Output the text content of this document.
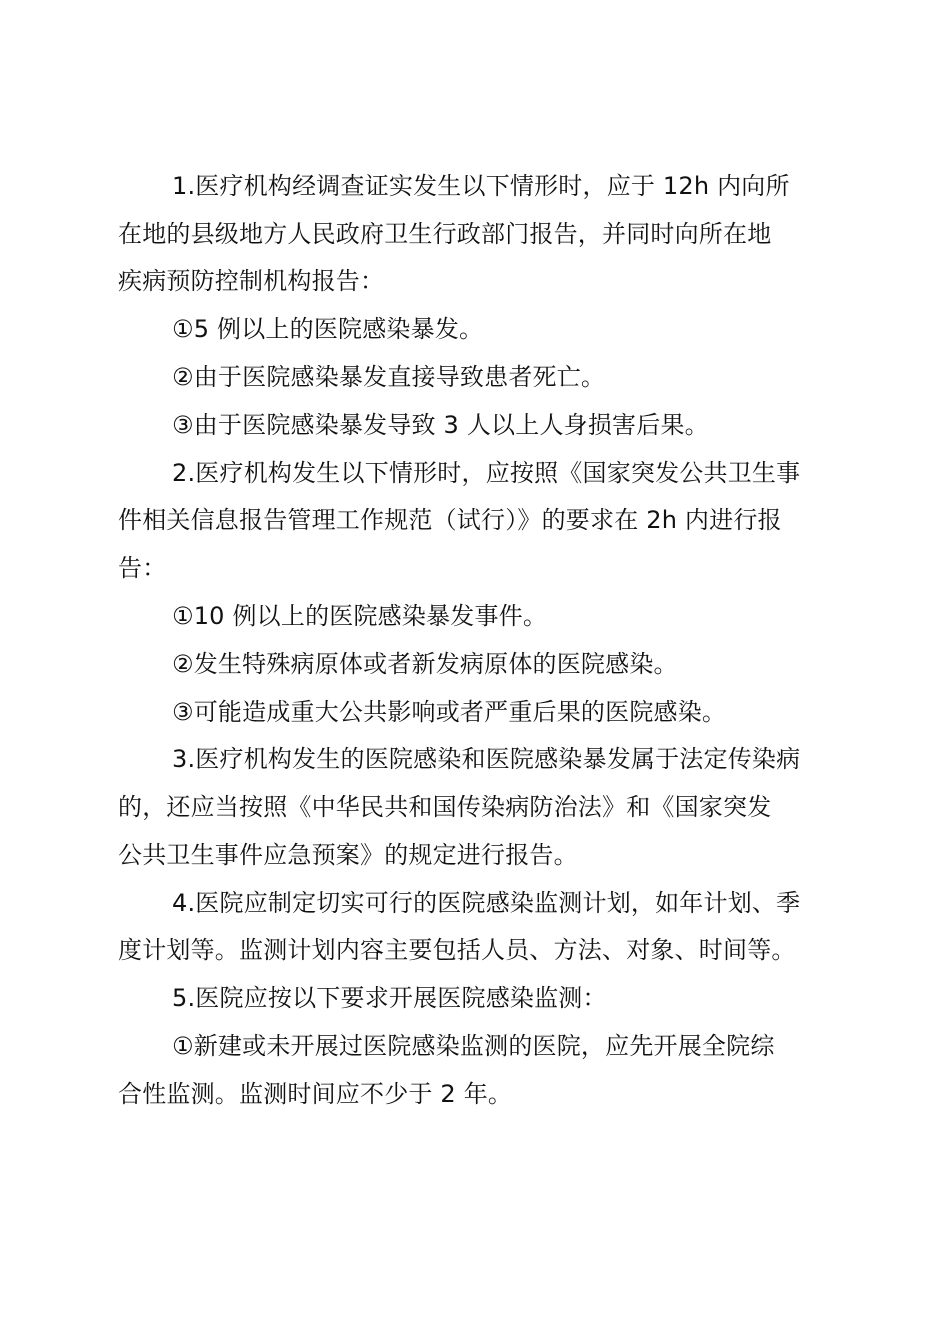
1.医疗机构经调查证实发生以下情形时，应于 12h 内向所
在地的县级地方人民政府卫生行政部门报告，并同时向所在地
疾病预防控制机构报告：
①5 例以上的医院感染暴发。
②由于医院感染暴发直接导致患者死亡。
③由于医院感染暴发导致 3 人以上人身损害后果。
2.医疗机构发生以下情形时，应按照《国家突发公共卫生事
件相关信息报告管理工作规范（试行）》的要求在 2h 内进行报
告：
①10 例以上的医院感染暴发事件。
②发生特殊病原体或者新发病原体的医院感染。
③可能造成重大公共影响或者严重后果的医院感染。
3.医疗机构发生的医院感染和医院感染暴发属于法定传染病
的，还应当按照《中华民共和国传染病防治法》和《国家突发
公共卫生事件应急预案》的规定进行报告。
4.医院应制定切实可行的医院感染监测计划，如年计划、季
度计划等。监测计划内容主要包括人员、方法、对象、时间等。
5.医院应按以下要求开展医院感染监测：
①新建或未开展过医院感染监测的医院，应先开展全院综
合性监测。监测时间应不少于 2 年。
